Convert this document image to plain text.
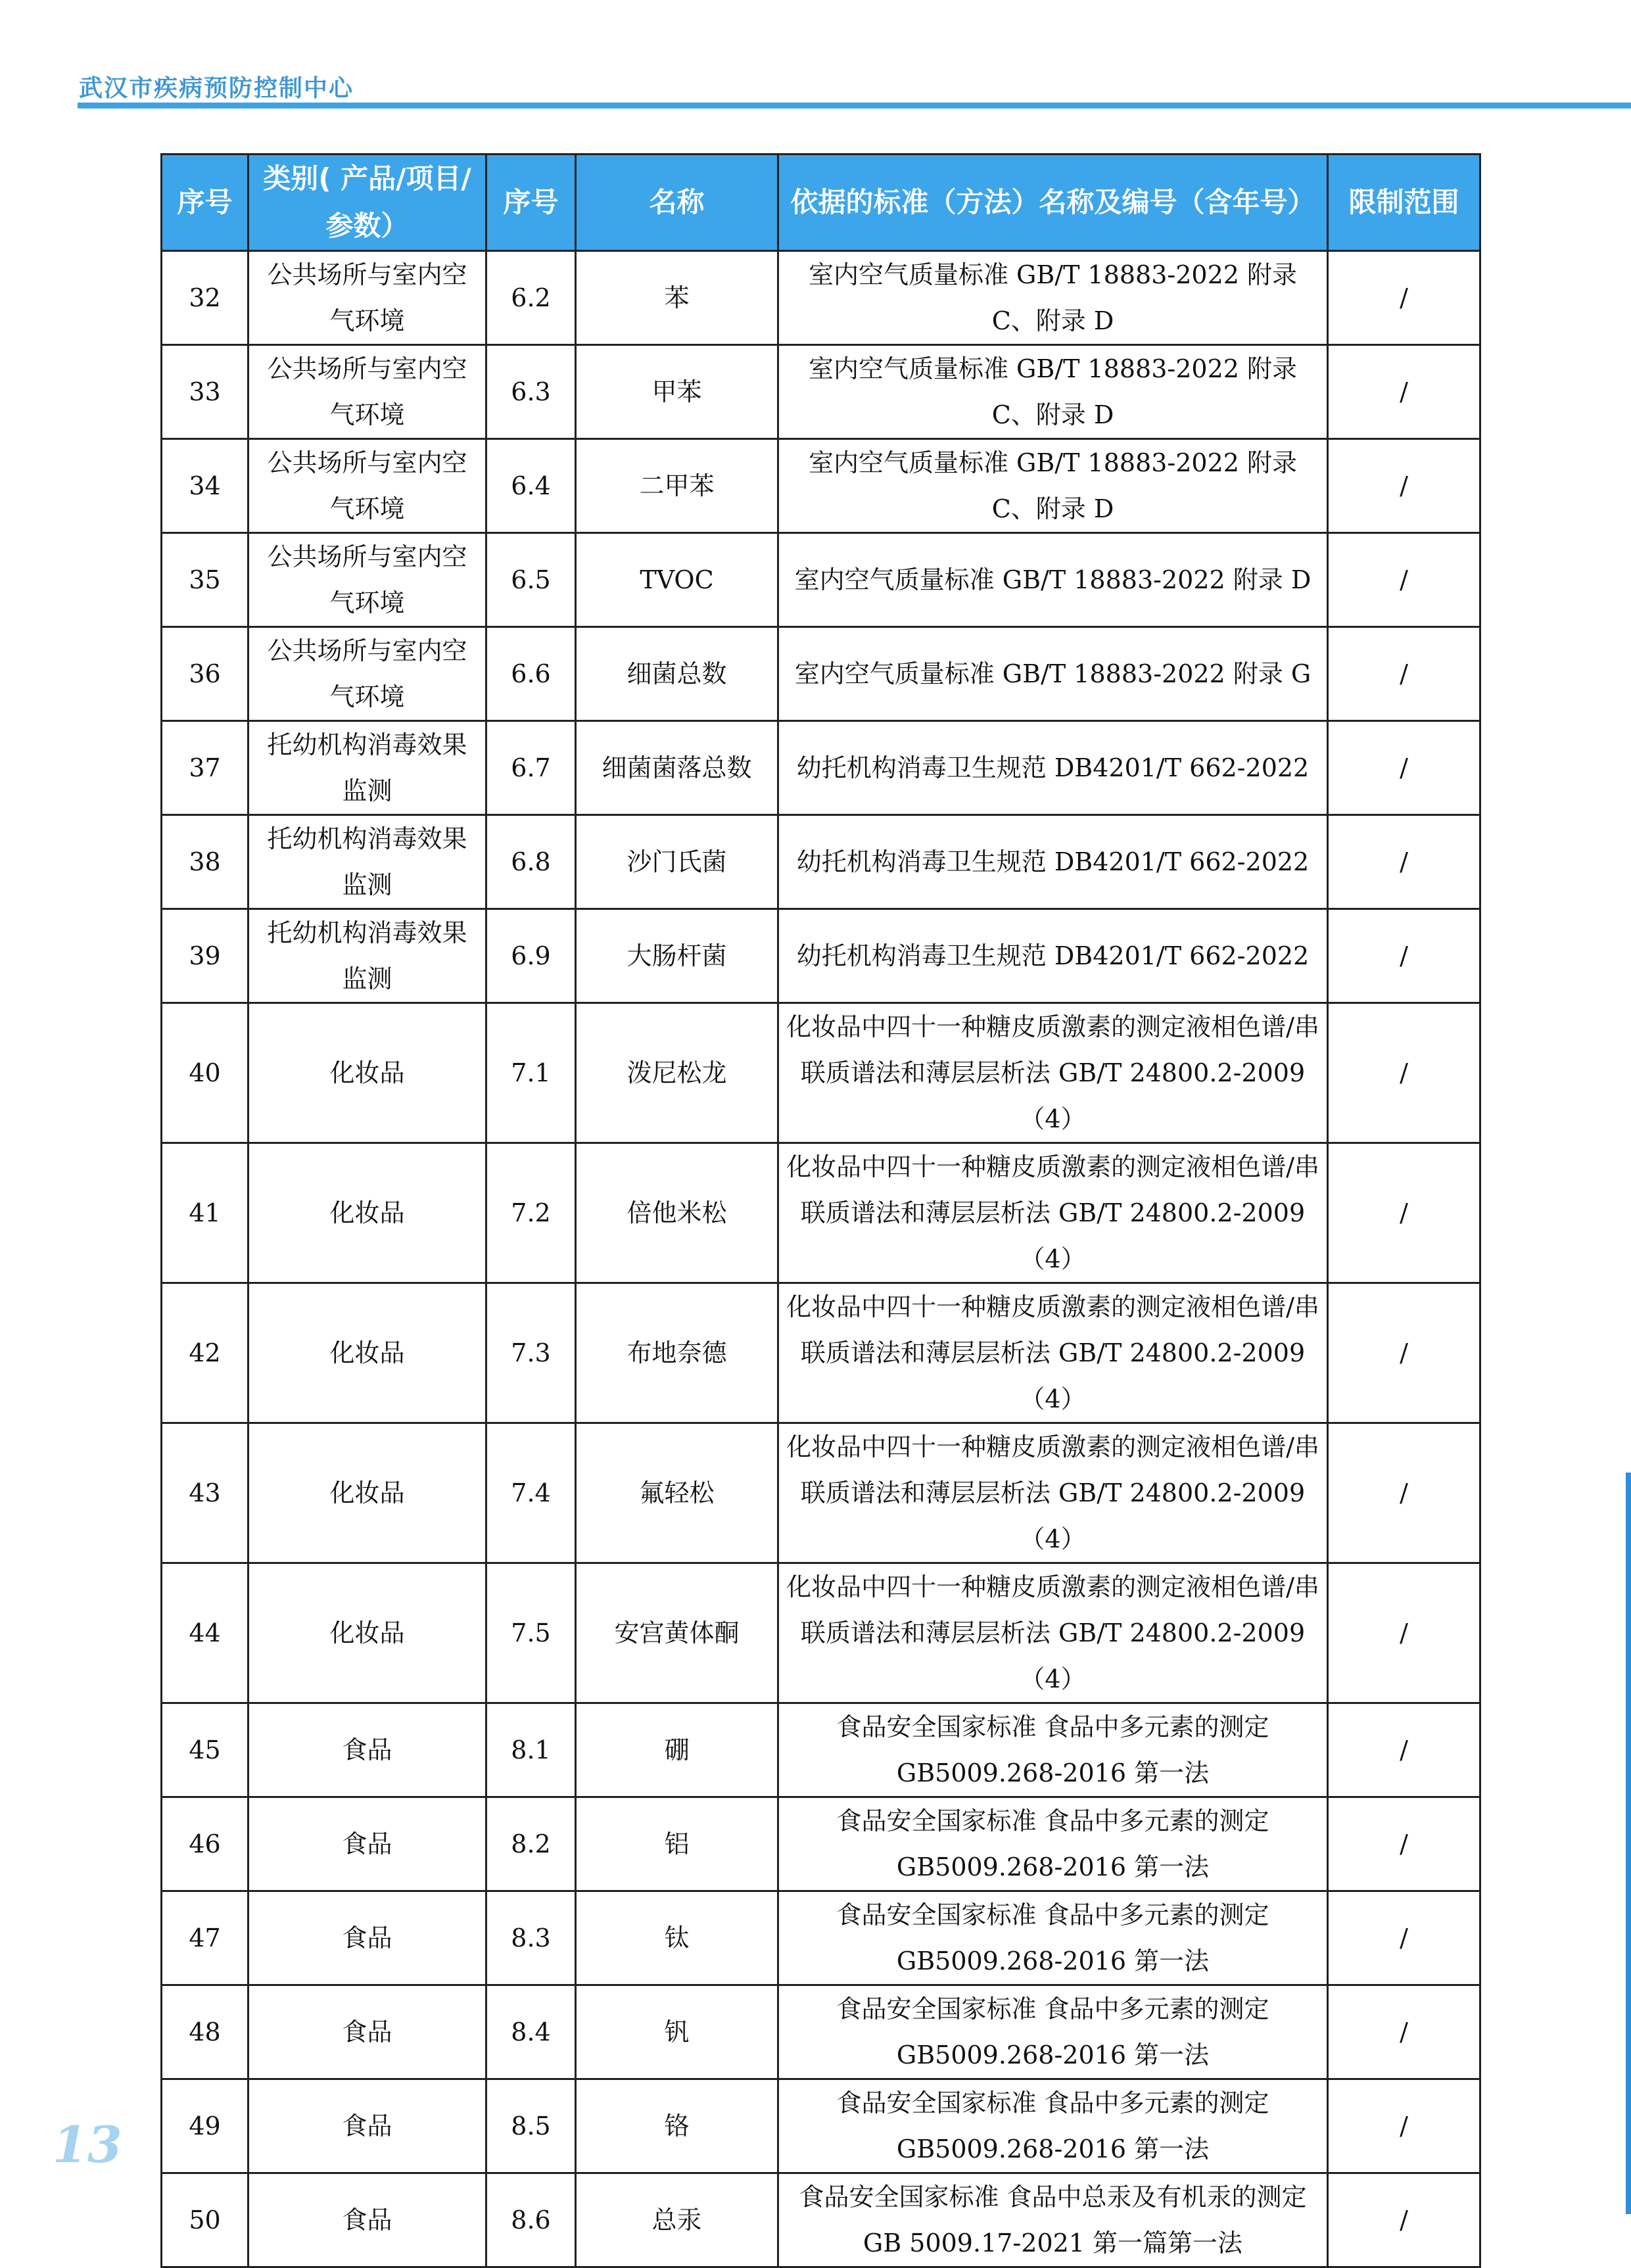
武汉市疾病预防控制中心
序号	类别( 产品/项目/参数）	序号	名称	依据的标准（方法）名称及编号（含年号）	限制范围
32	公共场所与室内空气环境	6.2	苯	室内空气质量标准 GB/T 18883-2022 附录 C、附录 D	/
33	公共场所与室内空气环境	6.3	甲苯	室内空气质量标准 GB/T 18883-2022 附录 C、附录 D	/
34	公共场所与室内空气环境	6.4	二甲苯	室内空气质量标准 GB/T 18883-2022 附录 C、附录 D	/
35	公共场所与室内空气环境	6.5	TVOC	室内空气质量标准 GB/T 18883-2022 附录 D	/
36	公共场所与室内空气环境	6.6	细菌总数	室内空气质量标准 GB/T 18883-2022 附录 G	/
37	托幼机构消毒效果监测	6.7	细菌菌落总数	幼托机构消毒卫生规范 DB4201/T 662-2022	/
38	托幼机构消毒效果监测	6.8	沙门氏菌	幼托机构消毒卫生规范 DB4201/T 662-2022	/
39	托幼机构消毒效果监测	6.9	大肠杆菌	幼托机构消毒卫生规范 DB4201/T 662-2022	/
40	化妆品	7.1	泼尼松龙	化妆品中四十一种糖皮质激素的测定液相色谱/串联质谱法和薄层层析法 GB/T 24800.2-2009 （4）	/
41	化妆品	7.2	倍他米松	化妆品中四十一种糖皮质激素的测定液相色谱/串联质谱法和薄层层析法 GB/T 24800.2-2009 （4）	/
42	化妆品	7.3	布地奈德	化妆品中四十一种糖皮质激素的测定液相色谱/串联质谱法和薄层层析法 GB/T 24800.2-2009 （4）	/
43	化妆品	7.4	氟轻松	化妆品中四十一种糖皮质激素的测定液相色谱/串联质谱法和薄层层析法 GB/T 24800.2-2009 （4）	/
44	化妆品	7.5	安宫黄体酮	化妆品中四十一种糖皮质激素的测定液相色谱/串联质谱法和薄层层析法 GB/T 24800.2-2009 （4）	/
45	食品	8.1	硼	食品安全国家标准 食品中多元素的测定 GB5009.268-2016 第一法	/
46	食品	8.2	铝	食品安全国家标准 食品中多元素的测定 GB5009.268-2016 第一法	/
47	食品	8.3	钛	食品安全国家标准 食品中多元素的测定 GB5009.268-2016 第一法	/
48	食品	8.4	钒	食品安全国家标准 食品中多元素的测定 GB5009.268-2016 第一法	/
49	食品	8.5	铬	食品安全国家标准 食品中多元素的测定 GB5009.268-2016 第一法	/
50	食品	8.6	总汞	食品安全国家标准 食品中总汞及有机汞的测定 GB 5009.17-2021 第一篇第一法	/
13
